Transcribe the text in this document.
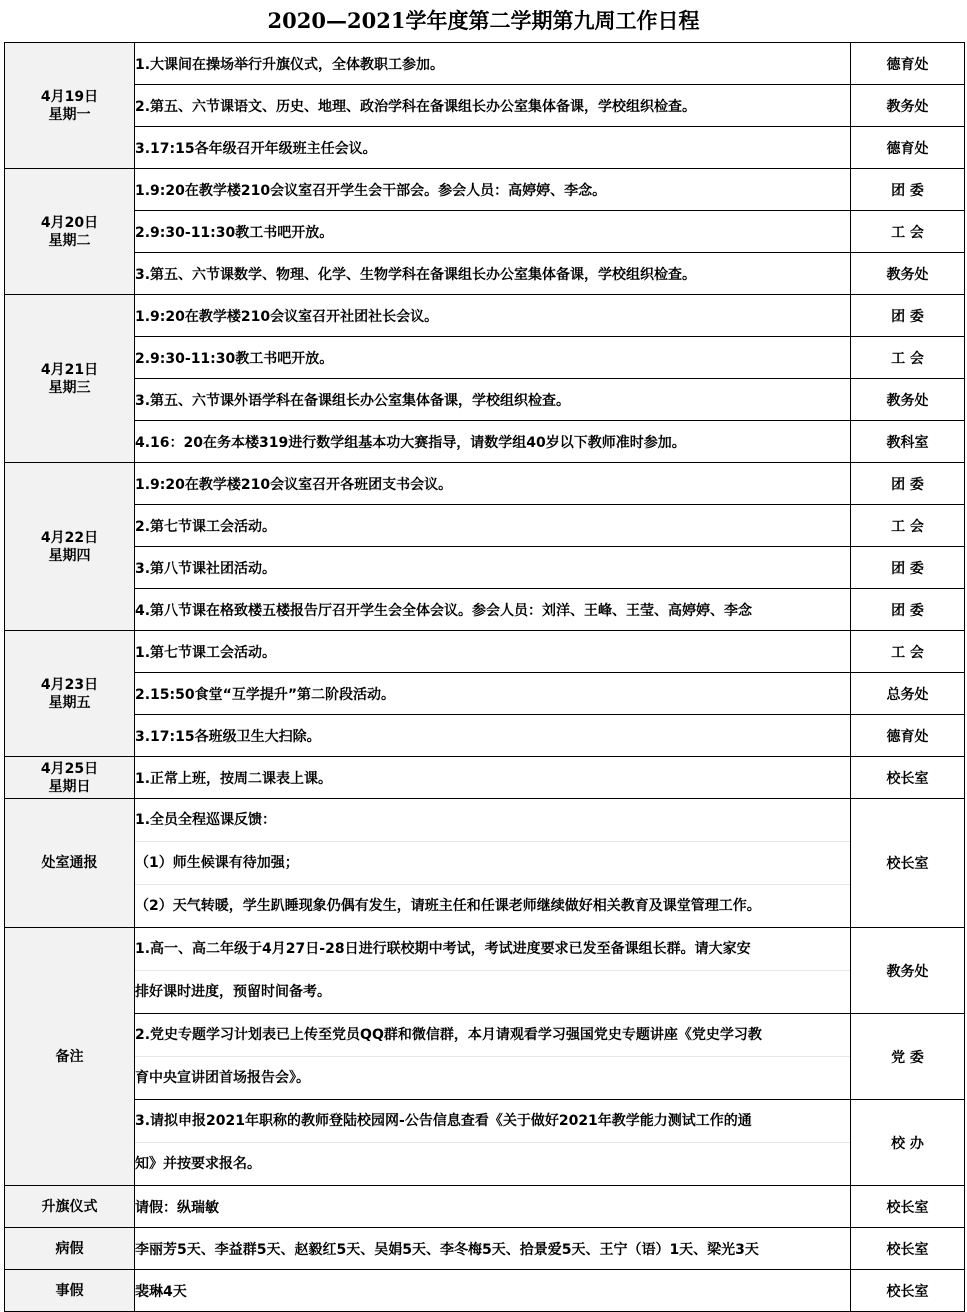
2020—2021学年度第二学期第九周工作日程
4月19日
星期一	1.大课间在操场举行升旗仪式，全体教职工参加。	德育处
	2.第五、六节课语文、历史、地理、政治学科在备课组长办公室集体备课，学校组织检查。	教务处
	3.17:15各年级召开年级班主任会议。	德育处

4月20日
星期二	1.9:20在教学楼210会议室召开学生会干部会。参会人员：高婷婷、李念。	团 委
	2.9:30-11:30教工书吧开放。	工 会
	3.第五、六节课数学、物理、化学、生物学科在备课组长办公室集体备课，学校组织检查。	教务处

4月21日
星期三	1.9:20在教学楼210会议室召开社团社长会议。	团 委
	2.9:30-11:30教工书吧开放。	工 会
	3.第五、六节课外语学科在备课组长办公室集体备课，学校组织检查。	教务处
	4.16：20在务本楼319进行数学组基本功大赛指导，请数学组40岁以下教师准时参加。	教科室

4月22日
星期四	1.9:20在教学楼210会议室召开各班团支书会议。	团 委
	2.第七节课工会活动。	工 会
	3.第八节课社团活动。	团 委
	4.第八节课在格致楼五楼报告厅召开学生会全体会议。参会人员：刘洋、王峰、王莹、高婷婷、李念	团 委

4月23日
星期五	1.第七节课工会活动。	工 会
	2.15:50食堂“互学提升”第二阶段活动。	总务处
	3.17:15各班级卫生大扫除。	德育处

4月25日
星期日	1.正常上班，按周二课表上课。	校长室
处室通报	1.全员全程巡课反馈：
（1）师生候课有待加强；
（2）天气转暖，学生趴睡现象仍偶有发生，请班主任和任课老师继续做好相关教育及课堂管理工作。	校长室
备注	1.高一、高二年级于4月27日-28日进行联校期中考试，考试进度要求已发至备课组长群。请大家安
排好课时进度，预留时间备考。	教务处

	2.党史专题学习计划表已上传至党员QQ群和微信群，本月请观看学习强国党史专题讲座《党史学习教
育中央宣讲团首场报告会》。	党 委

	3.请拟申报2021年职称的教师登陆校园网-公告信息查看《关于做好2021年教学能力测试工作的通
知》并按要求报名。	校 办
升旗仪式	请假：纵瑞敏	校长室
病假	李丽芳5天、李益群5天、赵毅红5天、吴娟5天、李冬梅5天、拾景爱5天、王宁（语）1天、梁光3天	校长室
事假	裴琳4天	校长室
